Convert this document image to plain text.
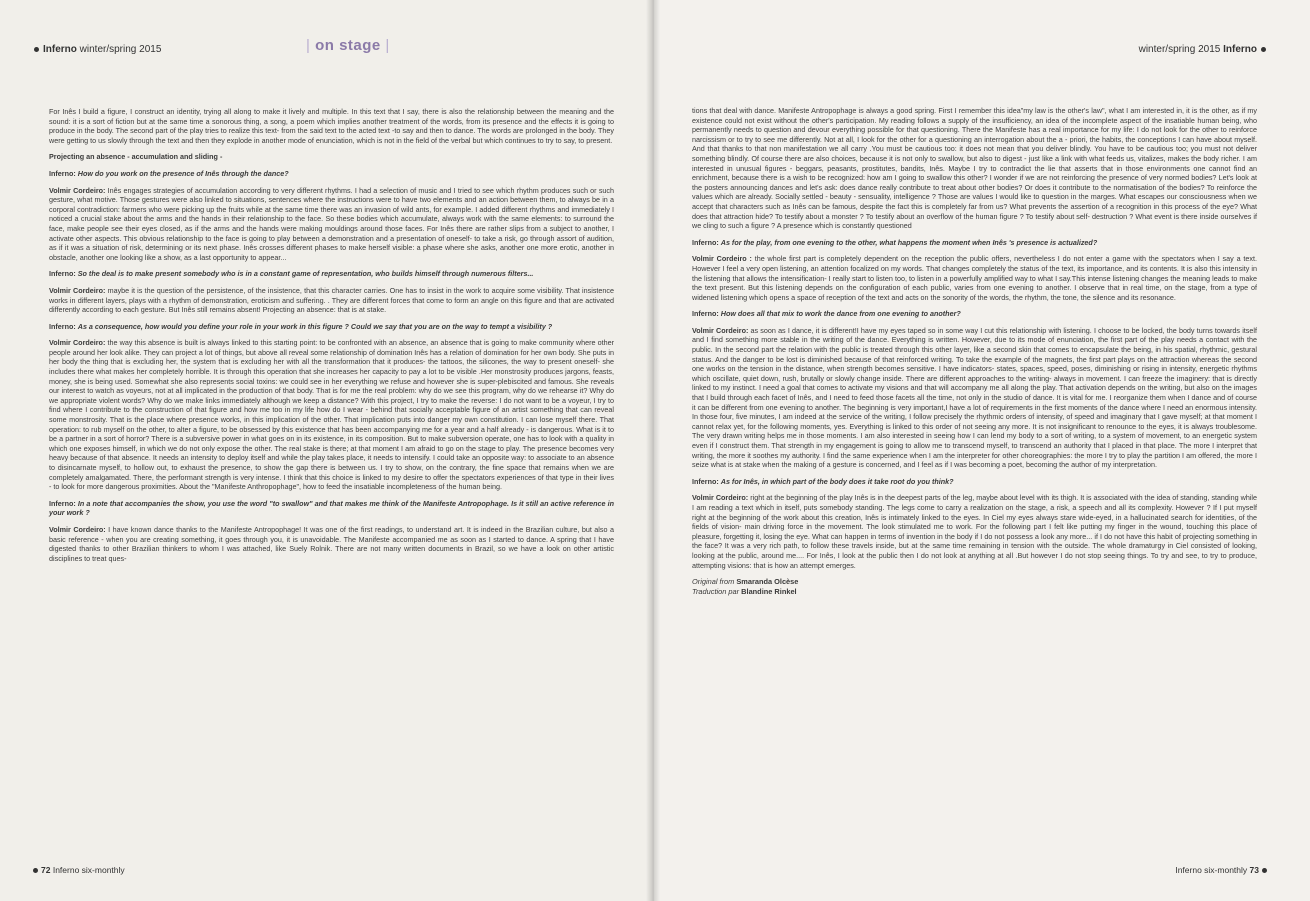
Inferno winter/spring 2015	| on stage |

For Inês I build a figure, I construct an identity, trying all along to make it lively and multiple. In this text that I say, there is also the relationship between the meaning and the sound: it is a sort of fiction but at the same time a sonorous thing, a song, a poem which implies another treatment of the words, from its presence and the effects it is going to produce in the body. The second part of the play tries to realize this text- from the said text to the acted text -to say and then to dance. The words are prolonged in the body. They were getting to us slowly through the text and then they explode in another mode of enunciation, which is not in the field of the verbal but which continues to try to say, to present.

Projecting an absence - accumulation and sliding -

Inferno: How do you work on the presence of Inês through the dance?

Volmir Cordeiro: Inês engages strategies of accumulation according to very different rhythms. I had a selection of music and I tried to see which rhythm produces such or such gesture, what motive. Those gestures were also linked to situations, sentences where the instructions were to have two elements and an action between them, to always be in a corporal contradiction: farmers who were picking up the fruits while at the same time there was an invasion of wild ants, for example. I added different rhythms and immediately I noticed a crucial stake about the arms and the hands in their relationship to the face. So these bodies which accumulate, always work with the same elements: to surround the face, make people see their eyes closed, as if the arms and the hands were making mouldings around those faces. For Inês there are rather slips from a subject to another, I activate other aspects. This obvious relationship to the face is going to play between a demonstration and a presentation of oneself- to take a risk, go through assort of audition, as if it was a situation of risk, determining or its next phase. Inês crosses different phases to make herself visible: a phase where she asks, another one more erotic, another in obstacle, another one looking like a show, as a last opportunity to appear...

Inferno: So the deal is to make present somebody who is in a constant game of representation, who builds himself through numerous filters...

Volmir Cordeiro: maybe it is the question of the persistence, of the insistence, that this character carries. One has to insist in the work to acquire some visibility. That insistence works in different layers, plays with a rhythm of demonstration, eroticism and suffering. . They are different forces that come to form an angle on this figure and that are activated differently according to each gesture. But Inês still remains absent! Projecting an absence: that is at stake.

Inferno: As a consequence, how would you define your role in your work in this figure ? Could we say that you are on the way to tempt a visibility ?

Volmir Cordeiro: the way this absence is built is always linked to this starting point: to be confronted with an absence, an absence that is going to make community where other people around her look alike. They can project a lot of things, but above all reveal some relationship of domination Inês has a relation of domination for her own body. She puts in her body the thing that is excluding her, the system that is excluding her with all the transformation that it produces- the tattoos, the silicones, the way to present oneself- she includes there what makes her completely horrible. It is through this operation that she increases her capacity to pay a lot to be visible .Her monstrosity produces jargons, feasts, money, she is being used. Somewhat she also represents social toxins: we could see in her everything we refuse and however she is super-plebiscited and famous. She reveals our interest to watch as voyeurs, not at all implicated in the production of that body. That is for me the real problem: why do we see this program, why do we rehearse it? Why do we appropriate violent words? Why do we make links immediately although we keep a distance? With this project, I try to make the reverse: I do not want to be a voyeur, I try to find where I contribute to the construction of that figure and how me too in my life how do I wear - behind that socially acceptable figure of an artist something that can reveal some monstrosity. That is the place where presence works, in this implication of the other. That implication puts into danger my own constitution. I can lose myself there. That operation: to rub myself on the other, to alter a figure, to be obsessed by this existence that has been accompanying me for a year and a half already - is dangerous. What is it to be a partner in a sort of horror? There is a subversive power in what goes on in its existence, in its composition. But to make subversion operate, one has to look with a quality in which one exposes himself, in which we do not only expose the other. The real stake is there; at that moment I am afraid to go on the stage to play. The presence becomes very heavy because of that absence. It needs an intensity to deploy itself and while the play takes place, it needs to intensify. I could take an opposite way: to associate to an absence to disincarnate myself, to hollow out, to exhaust the presence, to show the gap there is between us. I try to show, on the contrary, the fine space that remains when we are completely amalgamated. There, the performant strength is very intense. I think that this choice is linked to my desire to offer the spectators experiences of that type in their lives - to look for more dangerous proximities. About the "Manifeste Anthropophage", how to feed the insatiable incompleteness of the human being.

Inferno: In a note that accompanies the show, you use the word "to swallow" and that makes me think of the Manifeste Antropophage. Is it still an active reference in your work ?

Volmir Cordeiro: I have known dance thanks to the Manifeste Antropophage! It was one of the first readings, to understand art. It is indeed in the Brazilian culture, but also a basic reference - when you are creating something, it goes through you, it is unavoidable. The Manifeste accompanied me as soon as I started to dance. A spring that I have digested thanks to other Brazilian thinkers to whom I was attached, like Suely Rolnik. There are not many written documents in Brazil, so we have a look on other artistic disciplines to treat ques-

72 Inferno six-monthly
winter/spring 2015 Inferno

tions that deal with dance. Manifeste Antropophage is always a good spring. First I remember this idea"my law is the other's law", what I am interested in, it is the other, as if my existence could not exist without the other's participation. My reading follows a supply of the insufficiency, an idea of the incomplete aspect of the insatiable human being, who permanently needs to question and devour everything possible for that questioning. There the Manifeste has a real importance for my life: I do not look for the other to reinforce narcissism or to try to see me differently. Not at all, I look for the other for a questioning an interrogation about the a - priori, the habits, the conceptions I can have about myself. And that thanks to that non manifestation we all carry .You must be cautious too: it does not mean that you deliver blindly. You have to be cautious too; you must not deliver something blindly. Of course there are also choices, because it is not only to swallow, but also to digest - just like a link with what feeds us, vitalizes, makes the body richer. I am interested in unusual figures - beggars, peasants, prostitutes, bandits, Inês. Maybe I try to contradict the lie that asserts that in those environments one cannot find an enrichment, because there is a wish to be recognized: how am I going to swallow this other? I wonder if we are not reinforcing the presence of very normed bodies? Let's look at the posters announcing dances and let's ask: does dance really contribute to treat about other bodies? Or does it contribute to the normatisation of the bodies? To reinforce the values which are already. Socially settled - beauty - sensuality, intelligence ? Those are values I would like to question in the marges. What escapes our consciousness when we accept that characters such as Inês can be famous, despite the fact this is completely far from us? What prevents the assertion of a recognition in this process of the eye? What does that attraction hide? To testify about a monster ? To testify about an overflow of the human figure ? To testify about self- destruction ? What event is there inside ourselves if we cling to such a figure ? A presence which is constantly questioned

Inferno: As for the play, from one evening to the other, what happens the moment when Inês 's presence is actualized?

Volmir Cordeiro : the whole first part is completely dependent on the reception the public offers, nevertheless I do not enter a game with the spectators when I say a text. However I feel a very open listening, an attention focalized on my words. That changes completely the status of the text, its importance, and its contents. It is also this intensity in the listening that allows the intensification- I really start to listen too, to listen in a powerfully amplified way to what I say.This intense listening changes the meaning leads to make the text present. But this listening depends on the configuration of each public, varies from one evening to another. I observe that in real time, on the stage, from a type of widened listening which opens a space of reception of the text and acts on the sonority of the words, the rhythm, the tone, the silence and its resonance.

Inferno: How does all that mix to work the dance from one evening to another?

Volmir Cordeiro: as soon as I dance, it is different!I have my eyes taped so in some way I cut this relationship with listening. I choose to be locked, the body turns towards itself and I find something more stable in the writing of the dance. Everything is written. However, due to its mode of enunciation, the first part of the play needs a contact with the public. In the second part the relation with the public is treated through this other layer, like a second skin that comes to encapsulate the being, in his spatial, rhythmic, gestural status. And the danger to be lost is diminished because of that reinforced writing. To take the example of the magnets, the first part plays on the attraction whereas the second one works on the tension in the distance, when strength becomes sensitive. I have indicators- states, spaces, speed, poses, diminishing or rising in intensity, energetic rhythms which oscillate, quiet down, rush, brutally or slowly change inside. There are different approaches to the writing- always in movement. I can freeze the imaginery: that is directly linked to my instinct. I need a goal that comes to activate my visions and that will accompany me all along the play. That activation depends on the writing, but also on the images that I build through each facet of Inês, and I need to feed those facets all the time, not only in the studio of dance. It is vital for me. I reorganize them when I dance and of course it can be different from one evening to another. The beginning is very important,I have a lot of requirements in the first moments of the dance where I need an enormous intensity. In those four, five minutes, I am indeed at the service of the writing, I follow precisely the rhythmic orders of intensity, of speed and imaginary that I gave myself; at that moment I cannot relax yet, for the following moments, yes. Everything is linked to this order of not seeing any more. It is not insignificant to renounce to the eyes, it is always troublesome. The very drawn writing helps me in those moments. I am also interested in seeing how I can lend my body to a sort of writing, to a system of movement, to an energetic system even if I construct them. That strength in my engagement is going to allow me to transcend myself, to transcend an authority that I placed in that place. The more I interpret that writing, the more it soothes my authority. I find the same experience when I am the interpreter for other choreographies: the more I try to play the partition I am offered, the more I seize what is at stake when the making of a gesture is concerned, and I feel as if I was becoming a poet, becoming the author of my interpretation.

Inferno: As for Inês, in which part of the body does it take root do you think?

Volmir Cordeiro: right at the beginning of the play Inês is in the deepest parts of the leg, maybe about level with its thigh. It is associated with the idea of standing, standing while I am reading a text which in itself, puts somebody standing. The legs come to carry a realization on the stage, a risk, a speech and all its complexity. However ? If I put myself right at the beginning of the work about this creation, Inês is intimately linked to the eyes. In Ciel my eyes always stare wide-eyed, in a hallucinated search for identities, of the fields of vision- main driving force in the movement. The look stimulated me to work. For the following part I felt like putting my finger in the wound, touching this place of pleasure, forgetting it, losing the eye. What can happen in terms of invention in the body if I do not possess a look any more... if I do not have this habit of projecting something in the face? It was a very rich path, to follow these travels inside, but at the same time remaining in tension with the outside. The whole dramaturgy in Ciel consisted of looking, looking at the public, around me.... For Inês, I look at the public then I do not look at anything at all .But however I do not stop seeing things. To try and see, to try to produce, attempting visions: that is how an attempt emerges.

Original from Smaranda Olcèse
Traduction par Blandine Rinkel
Inferno six-monthly 73
